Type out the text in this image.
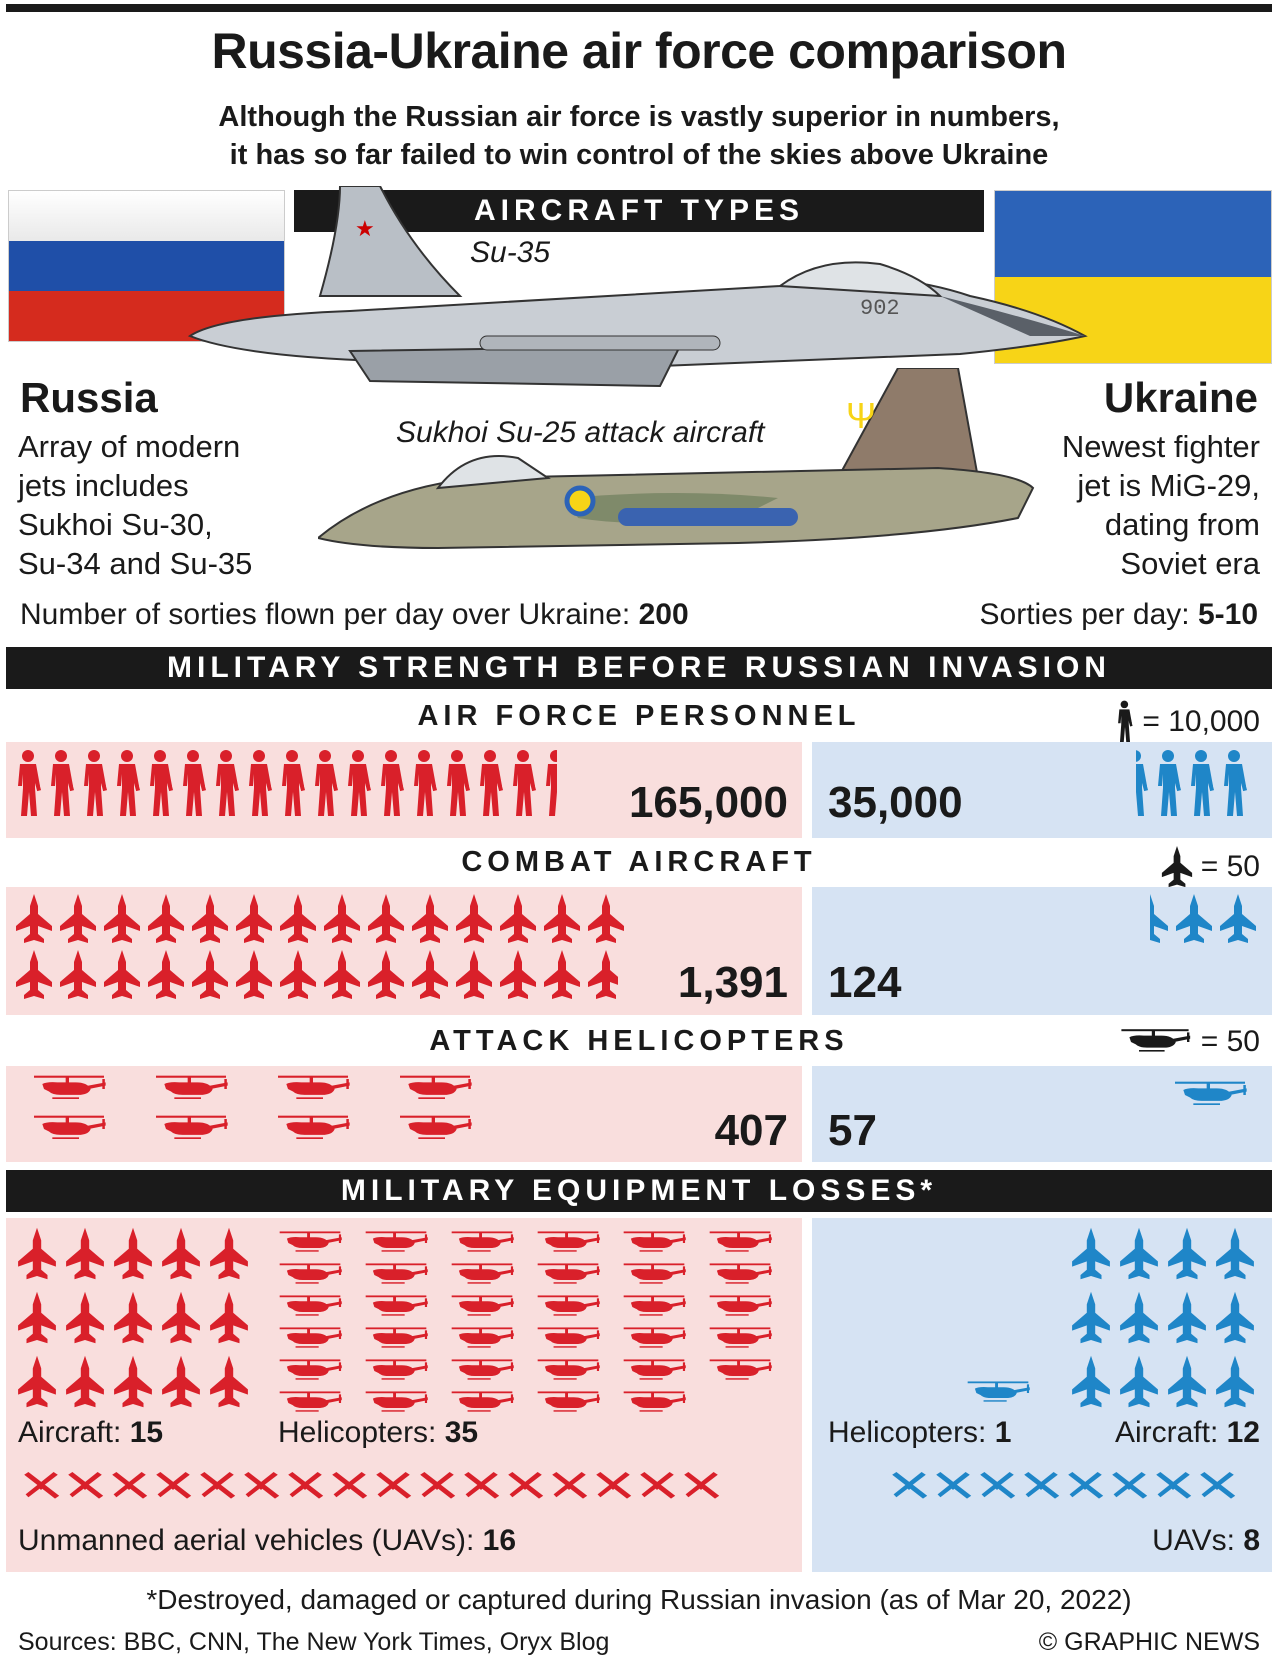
Russia-Ukraine air force comparison
Although the Russian air force is vastly superior in numbers,
it has so far failed to win control of the skies above Ukraine
AIRCRAFT TYPES
902
★
Su-35
Ψ
Sukhoi Su-25 attack aircraft
Russia
Array of modern
jets includes
Sukhoi Su-30,
Su-34 and Su-35
Ukraine
Newest fighter
jet is MiG-29,
dating from
Soviet era
Number of sorties flown per day over Ukraine: 200	Sorties per day: 5-10
MILITARY STRENGTH BEFORE RUSSIAN INVASION
AIR FORCE PERSONNEL	= 10,000
165,000 35,000
COMBAT AIRCRAFT	= 50
1,391 124
ATTACK HELICOPTERS	= 50
407 57
MILITARY EQUIPMENT LOSSES*
Aircraft: 15	Helicopters: 35	Helicopters: 1	Aircraft: 12
Unmanned aerial vehicles (UAVs): 16	UAVs: 8
*Destroyed, damaged or captured during Russian invasion (as of Mar 20, 2022)
Sources: BBC, CNN, The New York Times, Oryx Blog	© GRAPHIC NEWS
